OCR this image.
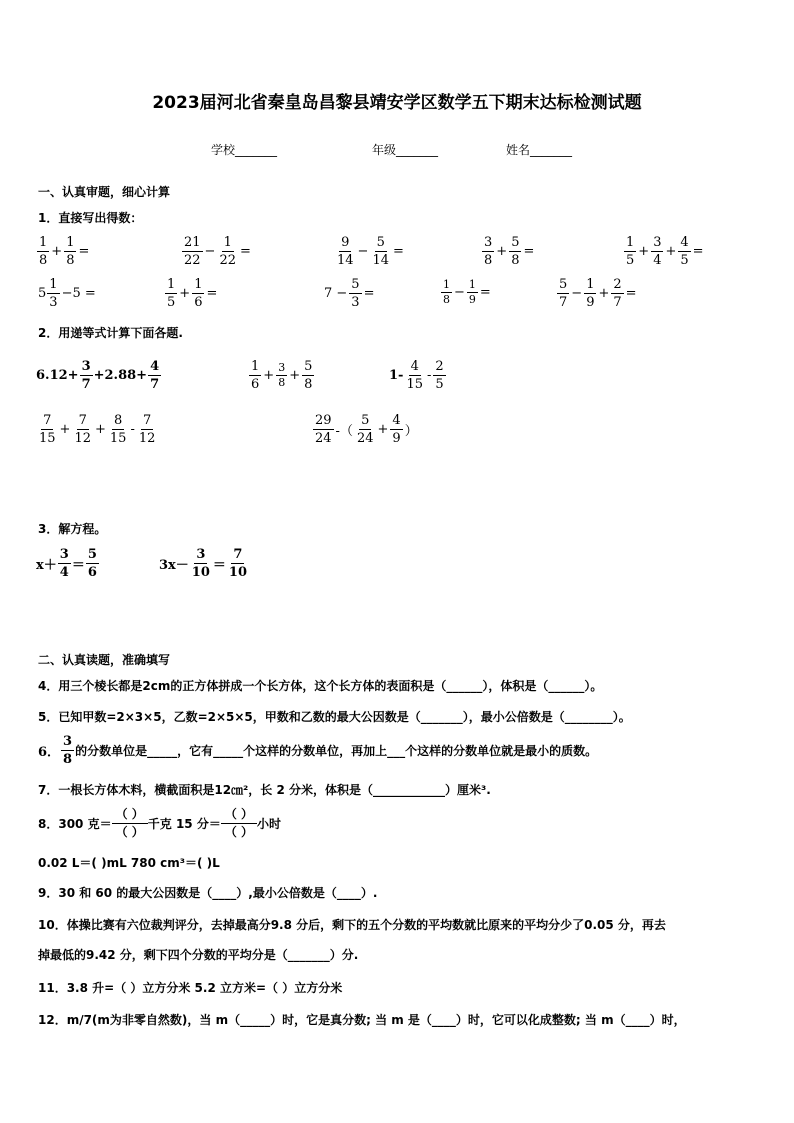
2023届河北省秦皇岛昌黎县靖安学区数学五下期末达标检测试题
学校_______	年级_______	姓名_______
一、认真审题，细心计算
1．直接写出得数：
$\frac{1}{8} + \frac{1}{8}$ =	$\frac{21}{22} - \frac{1}{22}$ =	$\frac{9}{14} - \frac{5}{14}$ =	$\frac{3}{8} + \frac{5}{8}$ =	$\frac{1}{5} + \frac{3}{4} + \frac{4}{5}$ =
$5 \frac{1}{3} -5$ =	$\frac{1}{5} + \frac{1}{6}$ =	$7 - \frac{5}{3}$ =	$\frac{1}{8} - \frac{1}{9}$ =	$\frac{5}{7} - \frac{1}{9} + \frac{2}{7}$ =
2．用递等式计算下面各题.
$6.12+ \frac{3}{7} +2.88+ \frac{4}{7}$	$\frac{1}{6} + \frac{3}{8} + \frac{5}{8}$	$1- \frac{4}{15} - \frac{2}{5}$
$\frac{7}{15} + \frac{7}{12} + \frac{8}{15} - \frac{7}{12}$	$\frac{29}{24}$ -（ $\frac{5}{24} + \frac{4}{9}$ ）
3．解方程。
$x+ \frac{3}{4} = \frac{5}{6}$	$3x- \frac{3}{10} = \frac{7}{10}$
二、认真读题，准确填写
4．用三个棱长都是2cm的正方体拼成一个长方体，这个长方体的表面积是（______），体积是（______）。
5．已知甲数=2×3×5，乙数=2×5×5，甲数和乙数的最大公因数是（_______），最小公倍数是（________）。
6． $\frac{3}{8}$ 的分数单位是_____，它有_____个这样的分数单位，再加上___个这样的分数单位就是最小的质数。
7．一根长方体木料，横截面积是12㎝²，长 2 分米，体积是（____________）厘米³.
8．300 克＝ $\frac{( )}{( )}$ 千克 15 分＝ $\frac{( )}{( )}$ 小时
0.02 L＝( )mL 780 cm³＝( )L
9．30 和 60 的最大公因数是（____）,最小公倍数是（____）.
10．体操比赛有六位裁判评分，去掉最高分9.8 分后，剩下的五个分数的平均数就比原来的平均分少了0.05 分，再去
掉最低的9.42 分，剩下四个分数的平均分是（_______）分.
11．3.8 升=（ ）立方分米 5.2 立方米=（ ）立方分米
12．m/7(m为非零自然数)，当 m（_____）时，它是真分数; 当 m 是（____）时，它可以化成整数; 当 m（____）时，
